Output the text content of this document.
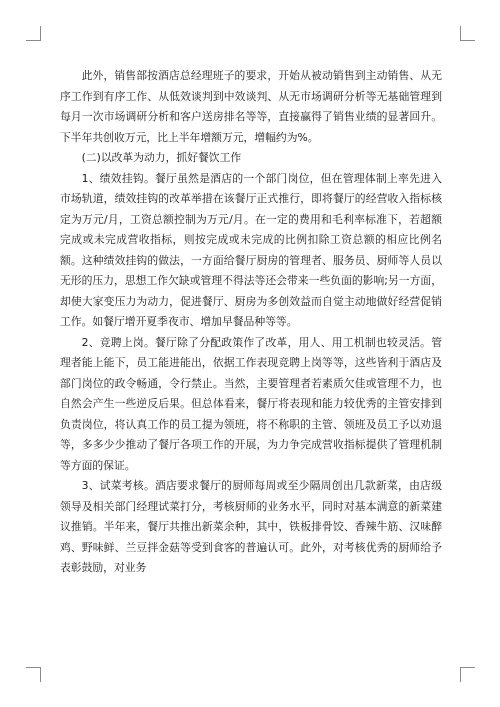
此外，销售部按酒店总经理班子的要求，开始从被动销售到主动销售、从无序工作到有序工作、从低效谈判到中效谈判、从无市场调研分析等无基础管理到每月一次市场调研分析和客户送房排名等等，直接赢得了销售业绩的显著回升。下半年共创收万元，比上半年增额万元，增幅约为%。

(二)以改革为动力，抓好餐饮工作

1、绩效挂钩。餐厅虽然是酒店的一个部门岗位，但在管理体制上率先进入市场轨道，绩效挂钩的改革举措在该餐厅正式推行，即将餐厅的经营收入指标核定为万元/月，工资总额控制为万元/月。在一定的费用和毛利率标准下，若超额完成或未完成营收指标，则按完成或未完成的比例扣除工资总额的相应比例名额。这种绩效挂钩的做法，一方面给餐厅厨房的管理者、服务员、厨师等人员以无形的压力，思想工作欠缺或管理不得法等还会带来一些负面的影响;另一方面，却使大家变压力为动力，促进餐厅、厨房为多创效益而自觉主动地做好经营促销工作。如餐厅增开夏季夜市、增加早餐品种等等。

2、竞聘上岗。餐厅除了分配政策作了改革，用人、用工机制也较灵活。管理者能上能下，员工能进能出，依据工作表现竞聘上岗等等，这些皆利于酒店及部门岗位的政令畅通，令行禁止。当然，主要管理者若素质欠佳或管理不力，也自然会产生一些逆反后果。但总体看来，餐厅将表现和能力较优秀的主管安排到负责岗位，将认真工作的员工提为领班，将不称职的主管、领班及员工予以劝退等，多多少少推动了餐厅各项工作的开展，为力争完成营收指标提供了管理机制等方面的保证。

3、试菜考核。酒店要求餐厅的厨师每周或至少隔周创出几款新菜，由店级领导及相关部门经理试菜打分，考核厨师的业务水平，同时对基本满意的新菜建议推销。半年来，餐厅共推出新菜余种，其中，铁板排骨饺、香辣牛筋、汉味醉鸡、野味鲜、兰豆拌金菇等受到食客的普遍认可。此外，对考核优秀的厨师给予表彰鼓励，对业务
